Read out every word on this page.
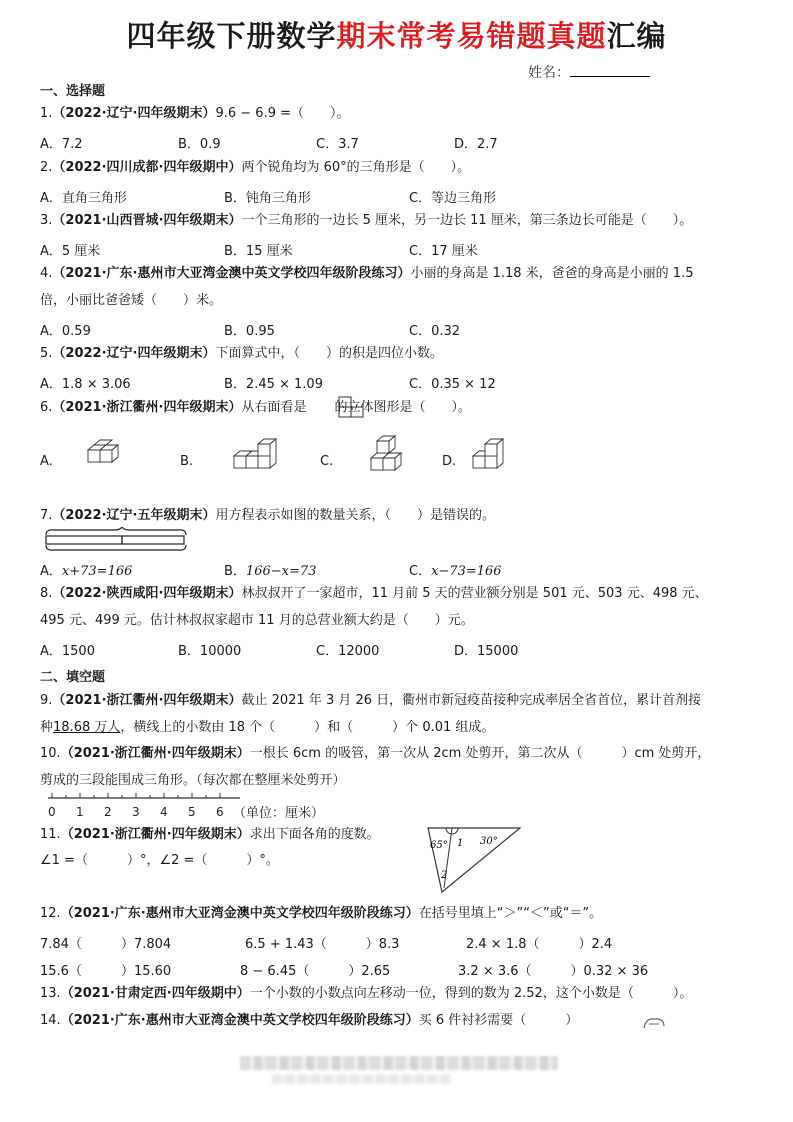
四年级下册数学期末常考易错题真题汇编
姓名：
一、选择题
1.（2022·辽宁·四年级期末）9.6 − 6.9 =（　　）。
A．7.2	B．0.9	C．3.7	D．2.7
2.（2022·四川成都·四年级期中）两个锐角均为 60°的三角形是（　　）。
A．直角三角形	B．钝角三角形	C．等边三角形
3.（2021·山西晋城·四年级期末）一个三角形的一边长 5 厘米，另一边长 11 厘米，第三条边长可能是（　　）。
A．5 厘米	B．15 厘米	C．17 厘米
4.（2021·广东·惠州市大亚湾金澳中英文学校四年级阶段练习）小丽的身高是 1.18 米，爸爸的身高是小丽的 1.5
倍，小丽比爸爸矮（　　）米。
A．0.59	B．0.95	C．0.32
5.（2022·辽宁·四年级期末）下面算式中，（　　）的积是四位小数。
A．1.8 × 3.06	B．2.45 × 1.09	C．0.35 × 12
6.（2021·浙江衢州·四年级期末）从右面看是 的立体图形是（　　）。
A.	B.	C.	D.
7.（2022·辽宁·五年级期末）用方程表示如图的数量关系，（　　）是错误的。
A．x+73=166	B．166−x=73	C．x−73=166
8.（2022·陕西咸阳·四年级期末）林叔叔开了一家超市，11 月前 5 天的营业额分别是 501 元、503 元、498 元、
495 元、499 元。估计林叔叔家超市 11 月的总营业额大约是（　　）元。
A．1500	B．10000	C．12000	D．15000
二、填空题
9.（2021·浙江衢州·四年级期末）截止 2021 年 3 月 26 日，衢州市新冠疫苗接种完成率居全省首位，累计首剂接
种18.68 万人，横线上的小数由 18 个（　　　）和（　　　）个 0.01 组成。
10.（2021·浙江衢州·四年级期末）一根长 6cm 的吸管，第一次从 2cm 处剪开，第二次从（　　　）cm 处剪开，
剪成的三段能围成三角形。（每次都在整厘米处剪开）
0 1 2 3 4 5 6 （单位：厘米）
11.（2021·浙江衢州·四年级期末）求出下面各角的度数。
∠1 =（　　　）°，∠2 =（　　　）°。
65° 1 30°
2
12.（2021·广东·惠州市大亚湾金澳中英文学校四年级阶段练习）在括号里填上“＞”“＜”或“＝”。
7.84（　　　）7.804	6.5 + 1.43（　　　）8.3	2.4 × 1.8（　　　）2.4
15.6（　　　）15.60	8 − 6.45（　　　）2.65	3.2 × 3.6（　　　）0.32 × 36
13.（2021·甘肃定西·四年级期中）一个小数的小数点向左移动一位，得到的数为 2.52，这个小数是（　　　）。
14.（2021·广东·惠州市大亚湾金澳中英文学校四年级阶段练习）买 6 件衬衫需要（　　　）
